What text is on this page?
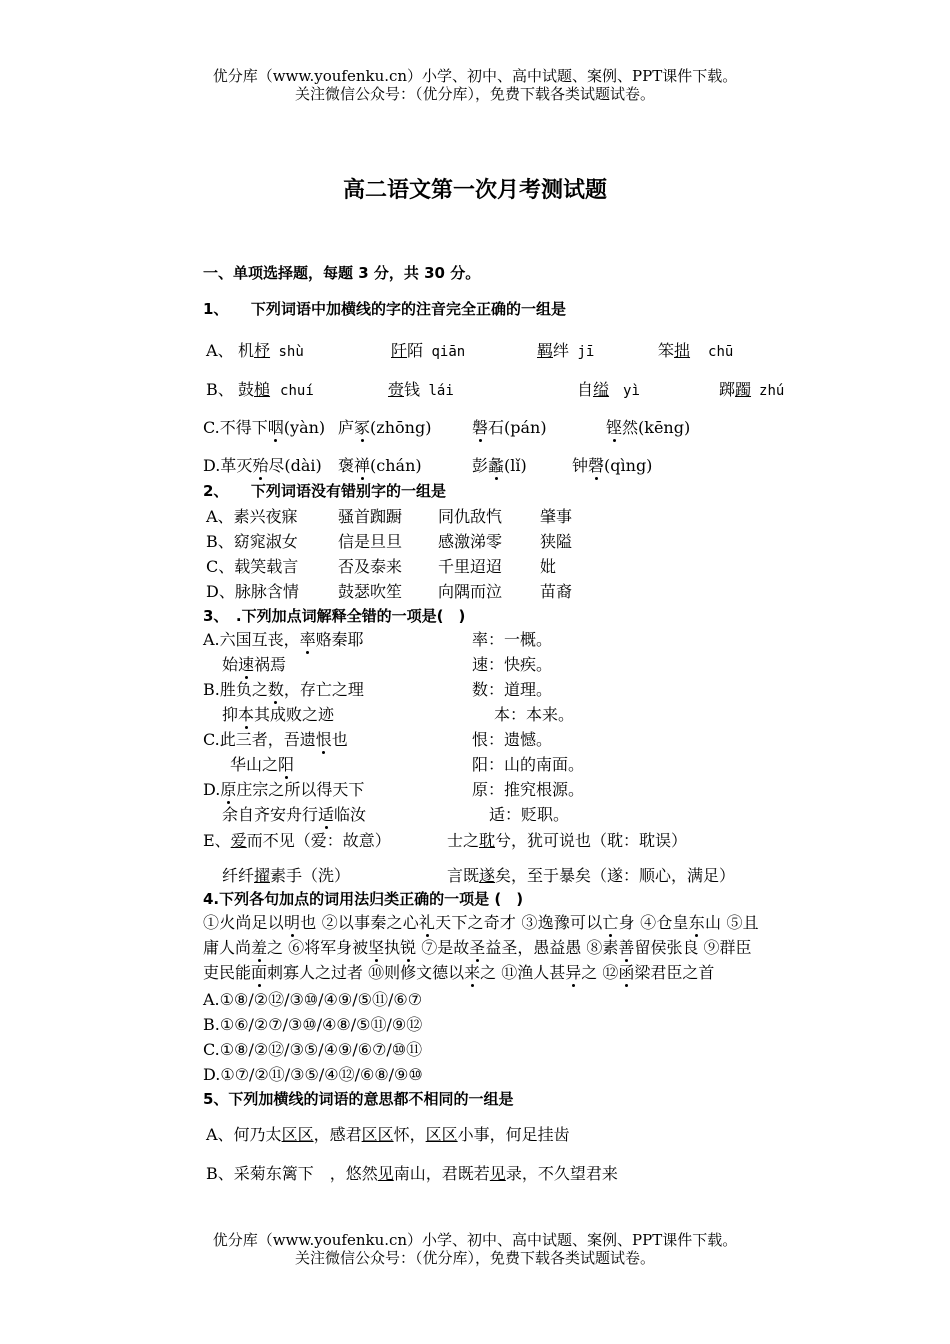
优分库（www.youfenku.cn）小学、初中、高中试题、案例、PPT课件下载。
关注微信公众号：（优分库），免费下载各类试题试卷。
高二语文第一次月考测试题
一、单项选择题，每题 3 分，共 30 分。
1、　　下列词语中加横线的字的注音完全正确的一组是
A、 机杼 shù	阡陌 qiān	羁绊 jī	笨拙 chū
B、 鼓槌 chuí	赍钱 lái	自缢 yì	踯躅 zhú
C.不得下咽(yàn) 庐冢(zhōng)	磐石(pán)	铿然(kēng)
D.革灭殆尽(dài) 褒禅(chán)	彭蠡(lǐ)	钟磬(qìng)
2、　　下列词语没有错别字的一组是
A、素兴夜寐	骚首踟蹰 同仇敌忾 肇事
B、窈窕淑女	信是旦旦 感激涕零 狭隘
C、载笑载言 否及泰来 千里迢迢 妣
D、脉脉含情 鼓瑟吹笙 向隅而泣 苗裔
3、　.下列加点词解释全错的一项是(　)
A.六国互丧，率赂秦耶	率：一概。
始速祸焉	速：快疾。
B.胜负之数，存亡之理	数：道理。
抑本其成败之迹	本：本来。
C.此三者，吾遗恨也	恨：遗憾。
华山之阳	阳：山的南面。
D.原庄宗之所以得天下	原：推究根源。
余自齐安舟行适临汝	适：贬职。
E、爱而不见（爱：故意）	士之耽兮，犹可说也（耽：耽误）
纤纤擢素手（洗）	言既遂矣，至于暴矣（遂：顺心，满足）
4.下列各句加点的词用法归类正确的一项是 (　)
①火尚足以明也 ②以事秦之心礼天下之奇才 ③逸豫可以亡身 ④仓皇东山 ⑤且
庸人尚羞之 ⑥将军身被坚执锐 ⑦是故圣益圣，愚益愚 ⑧素善留侯张良 ⑨群臣
吏民能面刺寡人之过者 ⑩则修文德以来之 ⑪渔人甚异之 ⑫函梁君臣之首
A.①⑧/②⑫/③⑩/④⑨/⑤⑪/⑥⑦
B.①⑥/②⑦/③⑩/④⑧/⑤⑪/⑨⑫
C.①⑧/②⑫/③⑤/④⑨/⑥⑦/⑩⑪
D.①⑦/②⑪/③⑤/④⑫/⑥⑧/⑨⑩
5、下列加横线的词语的意思都不相同的一组是
A、何乃太区区，感君区区怀，区区小事，何足挂齿
B、采菊东篱下　，悠然见南山，君既若见录，不久望君来
优分库（www.youfenku.cn）小学、初中、高中试题、案例、PPT课件下载。
关注微信公众号：（优分库），免费下载各类试题试卷。
